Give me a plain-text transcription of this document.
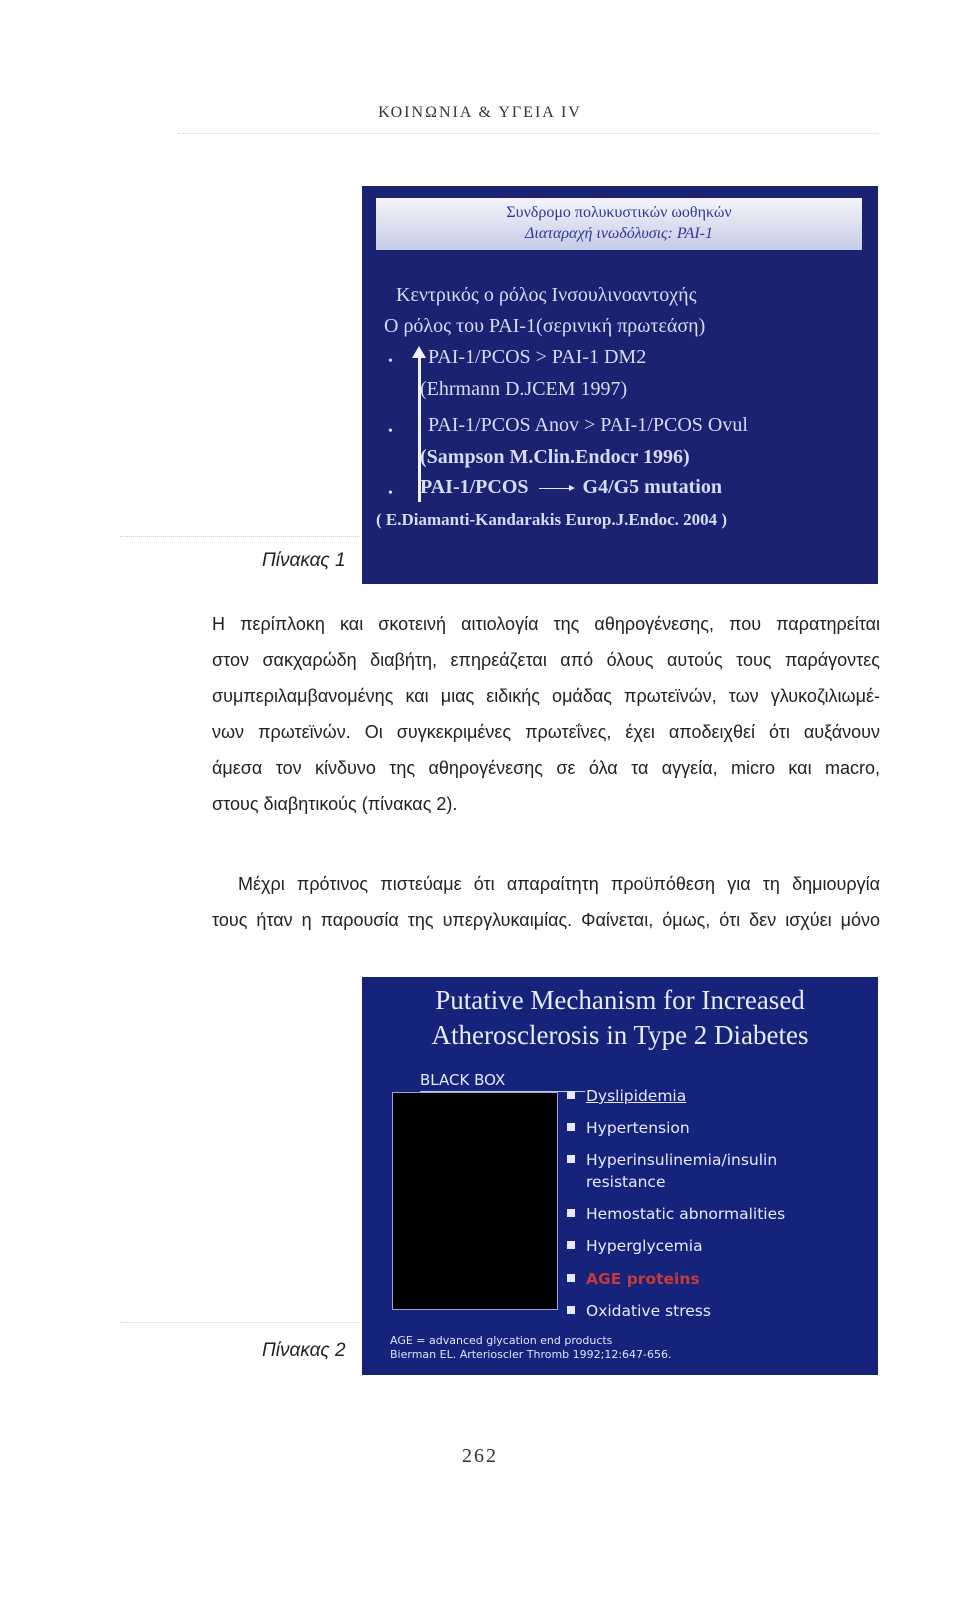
ΚΟΙΝΩΝΙΑ & ΥΓΕΙΑ IV
Συνδρομο πολυκυστικών ωοθηκών
Διαταραχή ινωδόλυσις: PAI-1
Κεντρικός ο ρόλος Ινσουλινοαντοχής
Ο ρόλος του PAI-1(σερινική πρωτεάση)
• PAI-1/PCOS > PAI-1 DM2
(Ehrmann D.JCEM 1997)
• PAI-1/PCOS Anov > PAI-1/PCOS Ovul
(Sampson M.Clin.Endocr 1996)
• PAI-1/PCOS	G4/G5 mutation
( E.Diamanti-Kandarakis Europ.J.Endoc. 2004 )
Πίνακας 1
Η περίπλοκη και σκοτεινή αιτιολογία της αθηρογένεσης, που παρατηρείται
στον σακχαρώδη διαβήτη, επηρεάζεται από όλους αυτούς τους παράγοντες
συμπεριλαμβανομένης και μιας ειδικής ομάδας πρωτεϊνών, των γλυκοζιλιωμέ-
νων πρωτεϊνών. Οι συγκεκριμένες πρωτεΐνες, έχει αποδειχθεί ότι αυξάνουν
άμεσα τον κίνδυνο της αθηρογένεσης σε όλα τα αγγεία, micro και macro,
στους διαβητικούς (πίνακας 2).
Μέχρι πρότινος πιστεύαμε ότι απαραίτητη προϋπόθεση για τη δημιουργία
τους ήταν η παρουσία της υπεργλυκαιμίας. Φαίνεται, όμως, ότι δεν ισχύει μόνο
Putative Mechanism for Increased
Atherosclerosis in Type 2 Diabetes
BLACK BOX
Dyslipidemia
Hypertension
Hyperinsulinemia/insulin
resistance
Hemostatic abnormalities
Hyperglycemia
AGE proteins
Oxidative stress
AGE = advanced glycation end products
Bierman EL. Arterioscler Thromb 1992;12:647-656.
Πίνακας 2
262
